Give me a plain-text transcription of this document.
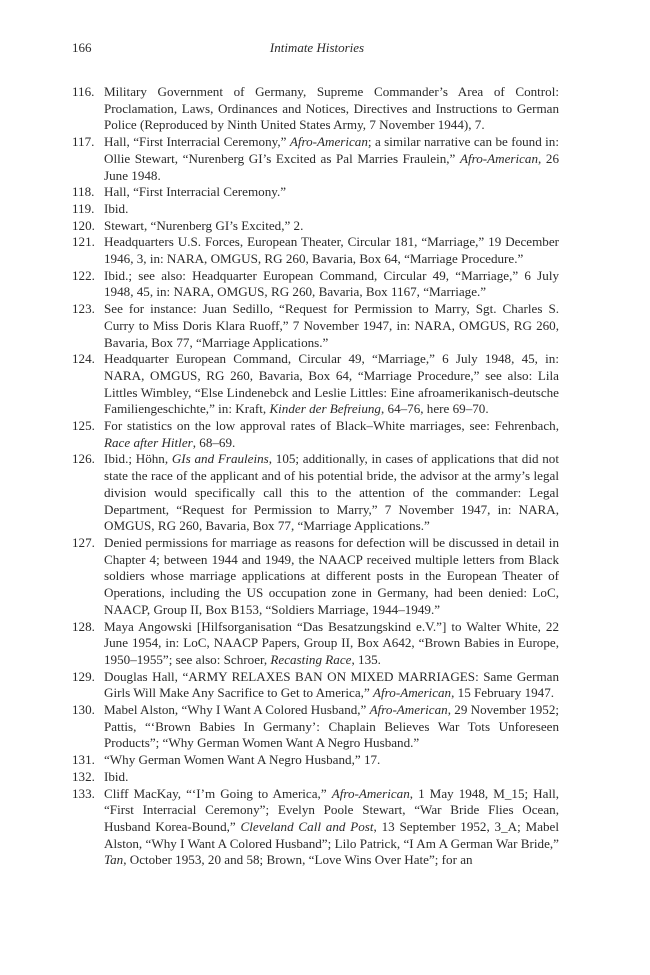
166	Intimate Histories
116. Military Government of Germany, Supreme Commander’s Area of Control: Proclamation, Laws, Ordinances and Notices, Directives and Instructions to German Police (Reproduced by Ninth United States Army, 7 November 1944), 7.
117. Hall, “First Interracial Ceremony,” Afro-American; a similar narrative can be found in: Ollie Stewart, “Nurenberg GI’s Excited as Pal Marries Fraulein,” Afro-American, 26 June 1948.
118. Hall, “First Interracial Ceremony.”
119. Ibid.
120. Stewart, “Nurenberg GI’s Excited,” 2.
121. Headquarters U.S. Forces, European Theater, Circular 181, “Marriage,” 19 December 1946, 3, in: NARA, OMGUS, RG 260, Bavaria, Box 64, “Marriage Procedure.”
122. Ibid.; see also: Headquarter European Command, Circular 49, “Marriage,” 6 July 1948, 45, in: NARA, OMGUS, RG 260, Bavaria, Box 1167, “Marriage.”
123. See for instance: Juan Sedillo, “Request for Permission to Marry, Sgt. Charles S. Curry to Miss Doris Klara Ruoff,” 7 November 1947, in: NARA, OMGUS, RG 260, Bavaria, Box 77, “Marriage Applications.”
124. Headquarter European Command, Circular 49, “Marriage,” 6 July 1948, 45, in: NARA, OMGUS, RG 260, Bavaria, Box 64, “Marriage Procedure,” see also: Lila Littles Wimbley, “Else Lindenebck and Leslie Littles: Eine afroamerikanisch-deutsche Familiengeschichte,” in: Kraft, Kinder der Befreiung, 64–76, here 69–70.
125. For statistics on the low approval rates of Black–White marriages, see: Fehrenbach, Race after Hitler, 68–69.
126. Ibid.; Höhn, GIs and Frauleins, 105; additionally, in cases of applications that did not state the race of the applicant and of his potential bride, the advisor at the army’s legal division would specifically call this to the attention of the commander: Legal Department, “Request for Permission to Marry,” 7 November 1947, in: NARA, OMGUS, RG 260, Bavaria, Box 77, “Marriage Applications.”
127. Denied permissions for marriage as reasons for defection will be discussed in detail in Chapter 4; between 1944 and 1949, the NAACP received multiple letters from Black soldiers whose marriage applications at different posts in the European Theater of Operations, including the US occupation zone in Germany, had been denied: LoC, NAACP, Group II, Box B153, “Soldiers Marriage, 1944–1949.”
128. Maya Angowski [Hilfsorganisation “Das Besatzungskind e.V.”] to Walter White, 22 June 1954, in: LoC, NAACP Papers, Group II, Box A642, “Brown Babies in Europe, 1950–1955”; see also: Schroer, Recasting Race, 135.
129. Douglas Hall, “ARMY RELAXES BAN ON MIXED MARRIAGES: Same German Girls Will Make Any Sacrifice to Get to America,” Afro-American, 15 February 1947.
130. Mabel Alston, “Why I Want A Colored Husband,” Afro-American, 29 November 1952; Pattis, “‘Brown Babies In Germany’: Chaplain Believes War Tots Unforeseen Products”; “Why German Women Want A Negro Husband.”
131. “Why German Women Want A Negro Husband,” 17.
132. Ibid.
133. Cliff MacKay, “‘I’m Going to America,” Afro-American, 1 May 1948, M_15; Hall, “First Interracial Ceremony”; Evelyn Poole Stewart, “War Bride Flies Ocean, Husband Korea-Bound,” Cleveland Call and Post, 13 September 1952, 3_A; Mabel Alston, “Why I Want A Colored Husband”; Lilo Patrick, “I Am A German War Bride,” Tan, October 1953, 20 and 58; Brown, “Love Wins Over Hate”; for an
